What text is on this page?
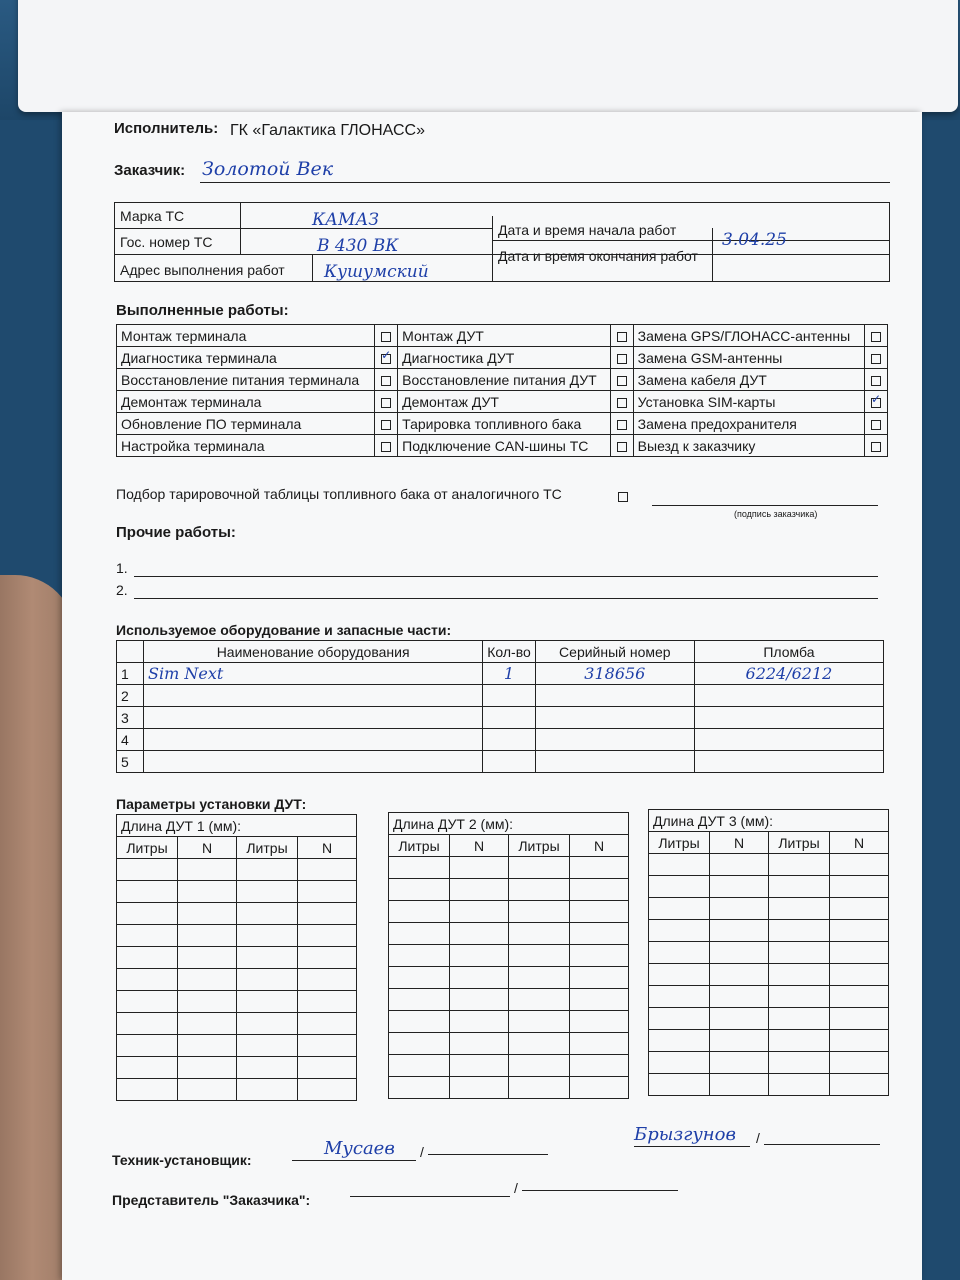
Исполнитель: ГК «Галактика ГЛОНАСС»
Заказчик: Золотой Век
Марка ТС	КАМАЗ
Гос. номер ТС	В 430 ВК
Адрес выполнения работ Кушумский
Дата и время начала работ	3.04.25
Дата и время окончания работ
Выполненные работы:
Монтаж терминала		Монтаж ДУТ		Замена GPS/ГЛОНАСС-антенны	
Диагностика терминала	✓	Диагностика ДУТ		Замена GSM-антенны	
Восстановление питания терминала		Восстановление питания ДУТ		Замена кабеля ДУТ	
Демонтаж терминала		Демонтаж ДУТ		Установка SIM-карты	✓
Обновление ПО терминала		Тарировка топливного бака		Замена предохранителя	
Настройка терминала		Подключение CAN-шины ТС		Выезд к заказчику	
Подбор тарировочной таблицы топливного бака от аналогичного ТС
(подпись заказчика)
Прочие работы:
1.
2.
Используемое оборудование и запасные части:
	Наименование оборудования	Кол-во	Серийный номер	Пломба
1	Sim Next	1	318656	6224/6212
2				
3				
4				
5				
Параметры установки ДУТ:
Длина ДУТ 1 (мм):			
Литры	N	Литры	N

Длина ДУТ 2 (мм):			
Литры	N	Литры	N

Длина ДУТ 3 (мм):			
Литры	N	Литры	N

Техник-установщик:
Мусаев /
Брызгунов /
Представитель "Заказчика":
/
